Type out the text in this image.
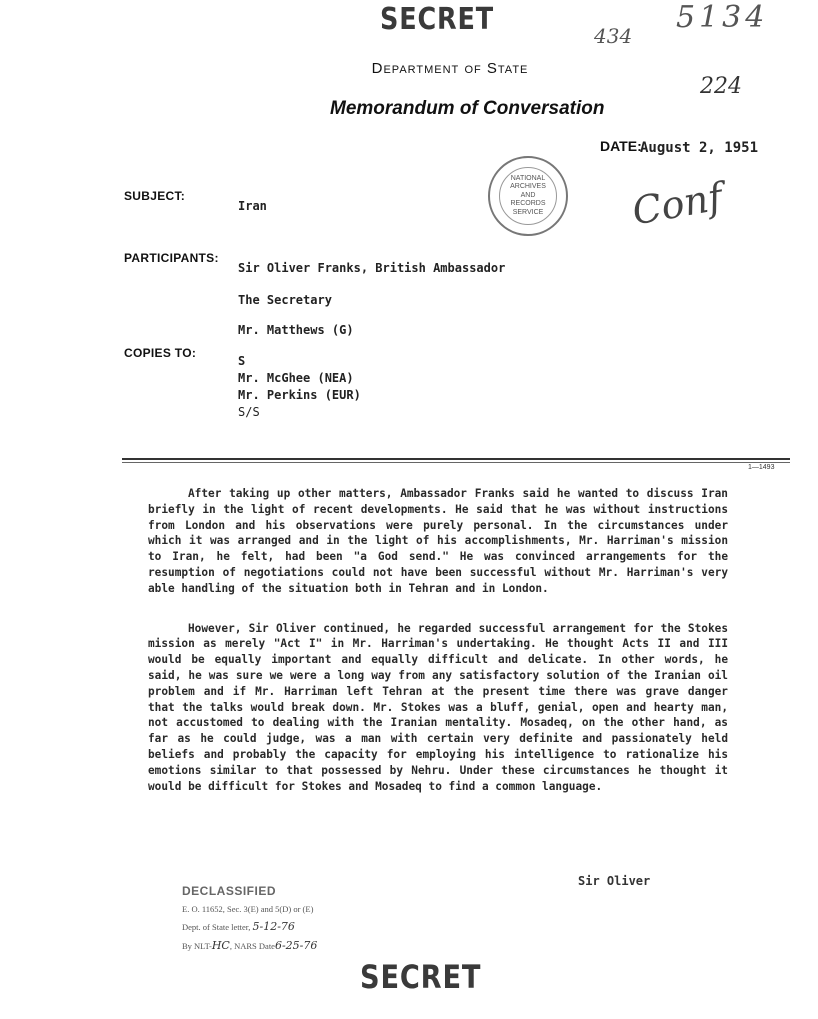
SECRET	5134
434
224
Department of State
Memorandum of Conversation
DATE:
August 2, 1951
NATIONAL ARCHIVES AND RECORDS SERVICE	Conf
SUBJECT:
Iran
PARTICIPANTS:
Sir Oliver Franks, British Ambassador
The Secretary
Mr. Matthews (G)
COPIES TO:
S
Mr. McGhee (NEA)
Mr. Perkins (EUR)
S/S
1—1493

After taking up other matters, Ambassador Franks said he wanted to discuss Iran briefly in the light of recent developments. He said that he was without instructions from London and his observations were purely personal. In the circumstances under which it was arranged and in the light of his accomplishments, Mr. Harriman's mission to Iran, he felt, had been "a God send." He was convinced arrangements for the resumption of negotiations could not have been successful without Mr. Harriman's very able handling of the situation both in Tehran and in London.

However, Sir Oliver continued, he regarded successful arrangement for the Stokes mission as merely "Act I" in Mr. Harriman's undertaking. He thought Acts II and III would be equally important and equally difficult and delicate. In other words, he said, he was sure we were a long way from any satisfactory solution of the Iranian oil problem and if Mr. Harriman left Tehran at the present time there was grave danger that the talks would break down. Mr. Stokes was a bluff, genial, open and hearty man, not accustomed to dealing with the Iranian mentality. Mosadeq, on the other hand, as far as he could judge, was a man with certain very definite and passionately held beliefs and probably the capacity for employing his intelligence to rationalize his emotions similar to that possessed by Nehru. Under these circumstances he thought it would be difficult for Stokes and Mosadeq to find a common language.

Sir Oliver
DECLASSIFIED
E. O. 11652, Sec. 3(E) and 5(D) or (E)
Dept. of State letter, 5-12-76
By NLT-HC, NARS Date6-25-76
SECRET
